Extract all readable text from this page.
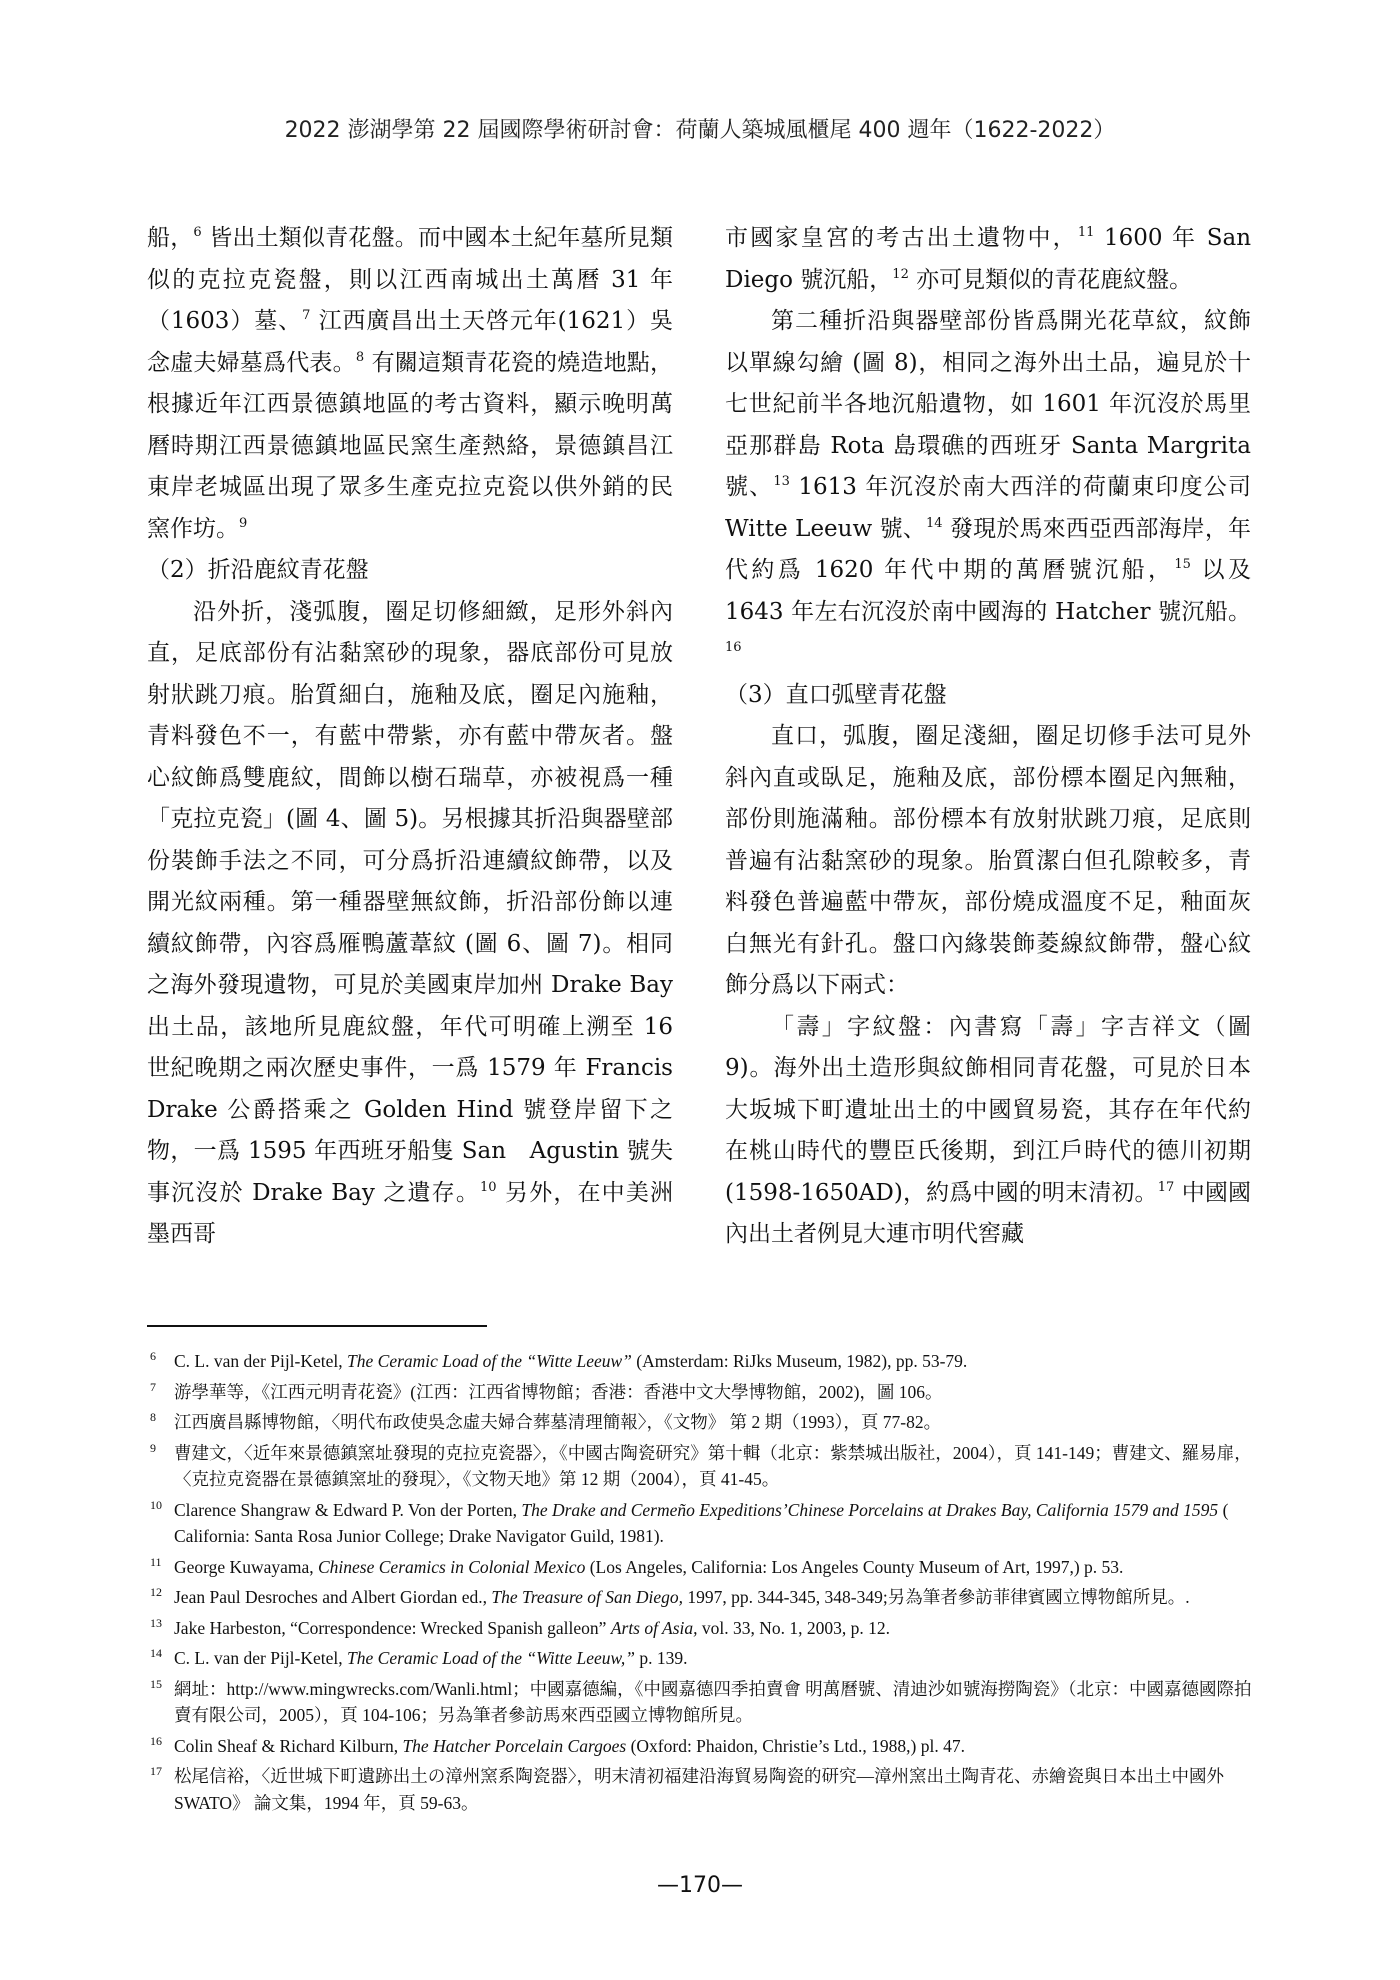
2022 澎湖學第 22 屆國際學術研討會：荷蘭人築城風櫃尾 400 週年（1622-2022）

船，$^6$ 皆出土類似青花盤。而中國本土紀年墓所見類似的克拉克瓷盤，則以江西南城出土萬曆 31 年（1603）墓、$^7$ 江西廣昌出土天啓元年(1621）吳念虛夫婦墓爲代表。$^8$ 有關這類青花瓷的燒造地點，根據近年江西景德鎮地區的考古資料，顯示晚明萬曆時期江西景德鎮地區民窯生產熱絡，景德鎮昌江東岸老城區出現了眾多生產克拉克瓷以供外銷的民窯作坊。$^9$

（2）折沿鹿紋青花盤

沿外折，淺弧腹，圈足切修細緻，足形外斜內直，足底部份有沾黏窯砂的現象，器底部份可見放射狀跳刀痕。胎質細白，施釉及底，圈足內施釉，青料發色不一，有藍中帶紫，亦有藍中帶灰者。盤心紋飾爲雙鹿紋，間飾以樹石瑞草，亦被視爲一種「克拉克瓷」(圖 4、圖 5)。另根據其折沿與器壁部份裝飾手法之不同，可分爲折沿連續紋飾帶，以及開光紋兩種。第一種器壁無紋飾，折沿部份飾以連續紋飾帶，內容爲雁鴨蘆葦紋 (圖 6、圖 7)。相同之海外發現遺物，可見於美國東岸加州 Drake Bay 出土品，該地所見鹿紋盤，年代可明確上溯至 16 世紀晚期之兩次歷史事件，一爲 1579 年 Francis Drake 公爵搭乘之 Golden Hind 號登岸留下之物，一爲 1595 年西班牙船隻 San　Agustin 號失事沉沒於 Drake Bay 之遺存。$^{10}$ 另外，在中美洲墨西哥

市國家皇宮的考古出土遺物中，$^{11}$ 1600 年 San Diego 號沉船，$^{12}$ 亦可見類似的青花鹿紋盤。

第二種折沿與器壁部份皆爲開光花草紋，紋飾以單線勾繪 (圖 8)，相同之海外出土品，遍見於十七世紀前半各地沉船遺物，如 1601 年沉沒於馬里亞那群島 Rota 島環礁的西班牙 Santa Margrita 號、$^{13}$ 1613 年沉沒於南大西洋的荷蘭東印度公司 Witte Leeuw 號、$^{14}$ 發現於馬來西亞西部海岸，年代約爲 1620 年代中期的萬曆號沉船，$^{15}$ 以及 1643 年左右沉沒於南中國海的 Hatcher 號沉船。$^{16}$

（3）直口弧壁青花盤

直口，弧腹，圈足淺細，圈足切修手法可見外斜內直或臥足，施釉及底，部份標本圈足內無釉，部份則施滿釉。部份標本有放射狀跳刀痕，足底則普遍有沾黏窯砂的現象。胎質潔白但孔隙較多，青料發色普遍藍中帶灰，部份燒成溫度不足，釉面灰白無光有針孔。盤口內緣裝飾菱線紋飾帶，盤心紋飾分爲以下兩式：

「壽」字紋盤：內書寫「壽」字吉祥文（圖 9)。海外出土造形與紋飾相同青花盤，可見於日本大坂城下町遺址出土的中國貿易瓷，其存在年代約在桃山時代的豐臣氏後期，到江戶時代的德川初期 (1598-1650AD)，約爲中國的明末清初。$^{17}$ 中國國內出土者例見大連市明代窖藏

6 C. L. van der Pijl-Ketel, The Ceramic Load of the “Witte Leeuw” (Amsterdam: RiJks Museum, 1982), pp. 53-79.
7 游學華等，《江西元明青花瓷》(江西：江西省博物館；香港：香港中文大學博物館，2002)，圖 106。
8 江西廣昌縣博物館，〈明代布政使吳念虛夫婦合葬墓清理簡報〉，《文物》 第 2 期（1993），頁 77-82。
9 曹建文，〈近年來景德鎮窯址發現的克拉克瓷器〉，《中國古陶瓷研究》第十輯（北京：紫禁城出版社，2004），頁 141-149；曹建文、羅易扉，〈克拉克瓷器在景德鎮窯址的發現〉，《文物天地》第 12 期（2004），頁 41-45。
10 Clarence Shangraw & Edward P. Von der Porten, The Drake and Cermeño Expeditions’Chinese Porcelains at Drakes Bay, California 1579 and 1595 ( California: Santa Rosa Junior College; Drake Navigator Guild, 1981).
11 George Kuwayama, Chinese Ceramics in Colonial Mexico (Los Angeles, California: Los Angeles County Museum of Art, 1997,) p. 53.
12 Jean Paul Desroches and Albert Giordan ed., The Treasure of San Diego, 1997, pp. 344-345, 348-349;另為筆者參訪菲律賓國立博物館所見。.
13 Jake Harbeston, “Correspondence: Wrecked Spanish galleon” Arts of Asia, vol. 33, No. 1, 2003, p. 12.
14 C. L. van der Pijl-Ketel, The Ceramic Load of the “Witte Leeuw,” p. 139.
15 網址：http://www.mingwrecks.com/Wanli.html；中國嘉德編，《中國嘉德四季拍賣會 明萬曆號、清迪沙如號海撈陶瓷》（北京：中國嘉德國際拍賣有限公司，2005），頁 104-106；另為筆者參訪馬來西亞國立博物館所見。
16 Colin Sheaf & Richard Kilburn, The Hatcher Porcelain Cargoes (Oxford: Phaidon, Christie’s Ltd., 1988,) pl. 47.
17 松尾信裕，〈近世城下町遺跡出土の漳州窯系陶瓷器〉，明末清初福建沿海貿易陶瓷的研究—漳州窯出土陶青花、赤繪瓷與日本出土中國外 SWATO》 論文集，1994 年，頁 59-63。
—170—
